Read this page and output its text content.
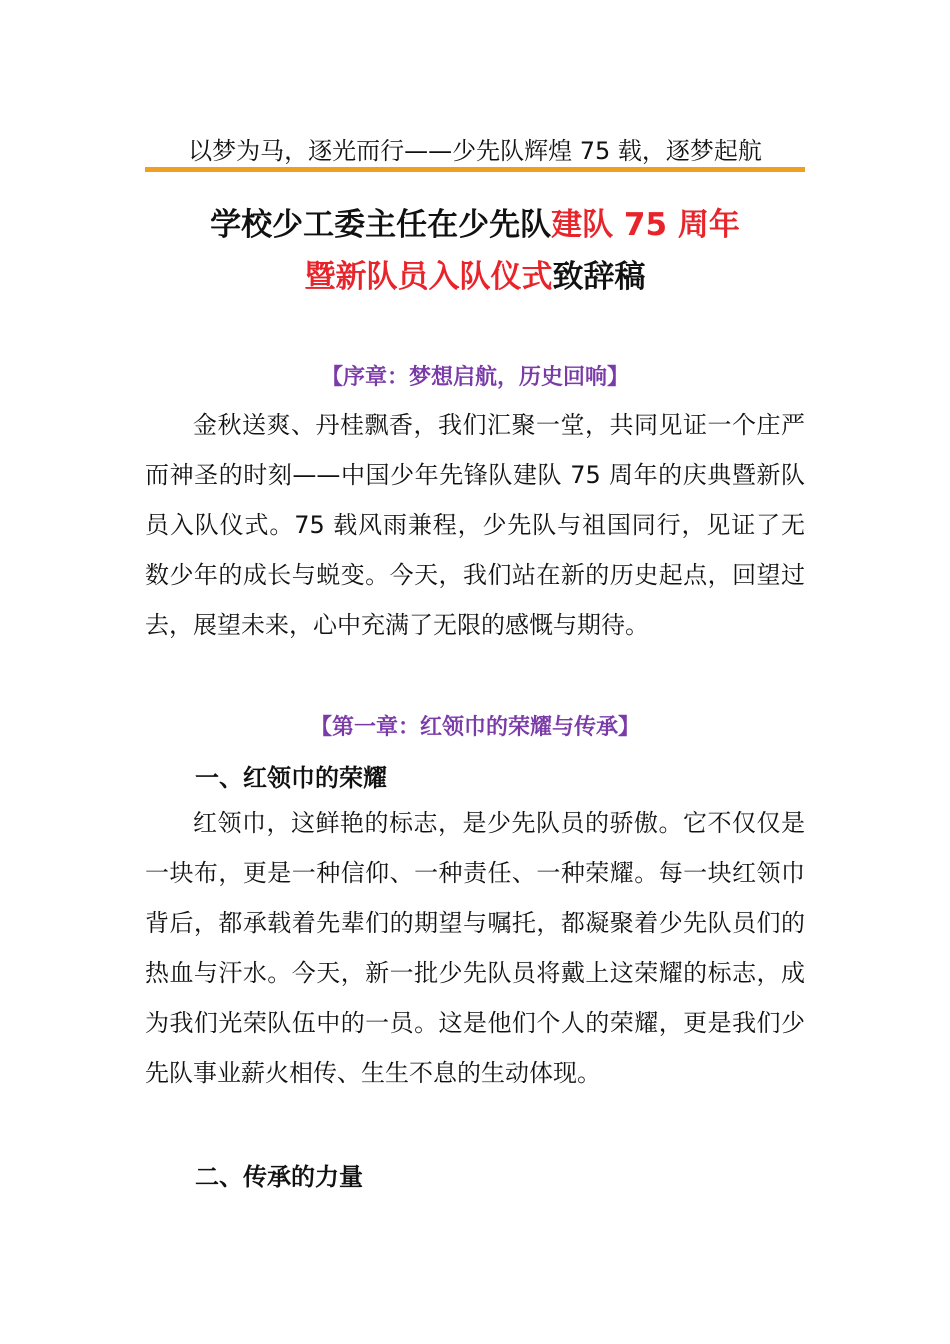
以梦为马，逐光而行——少先队辉煌 75 载，逐梦起航
学校少工委主任在少先队建队 75 周年
暨新队员入队仪式致辞稿
【序章：梦想启航，历史回响】

金秋送爽、丹桂飘香，我们汇聚一堂，共同见证一个庄严而神圣的时刻——中国少年先锋队建队 75 周年的庆典暨新队员入队仪式。75 载风雨兼程，少先队与祖国同行，见证了无数少年的成长与蜕变。今天，我们站在新的历史起点，回望过去，展望未来，心中充满了无限的感慨与期待。

【第一章：红领巾的荣耀与传承】
一、红领巾的荣耀

红领巾，这鲜艳的标志，是少先队员的骄傲。它不仅仅是一块布，更是一种信仰、一种责任、一种荣耀。每一块红领巾背后，都承载着先辈们的期望与嘱托，都凝聚着少先队员们的热血与汗水。今天，新一批少先队员将戴上这荣耀的标志，成为我们光荣队伍中的一员。这是他们个人的荣耀，更是我们少先队事业薪火相传、生生不息的生动体现。

二、传承的力量
